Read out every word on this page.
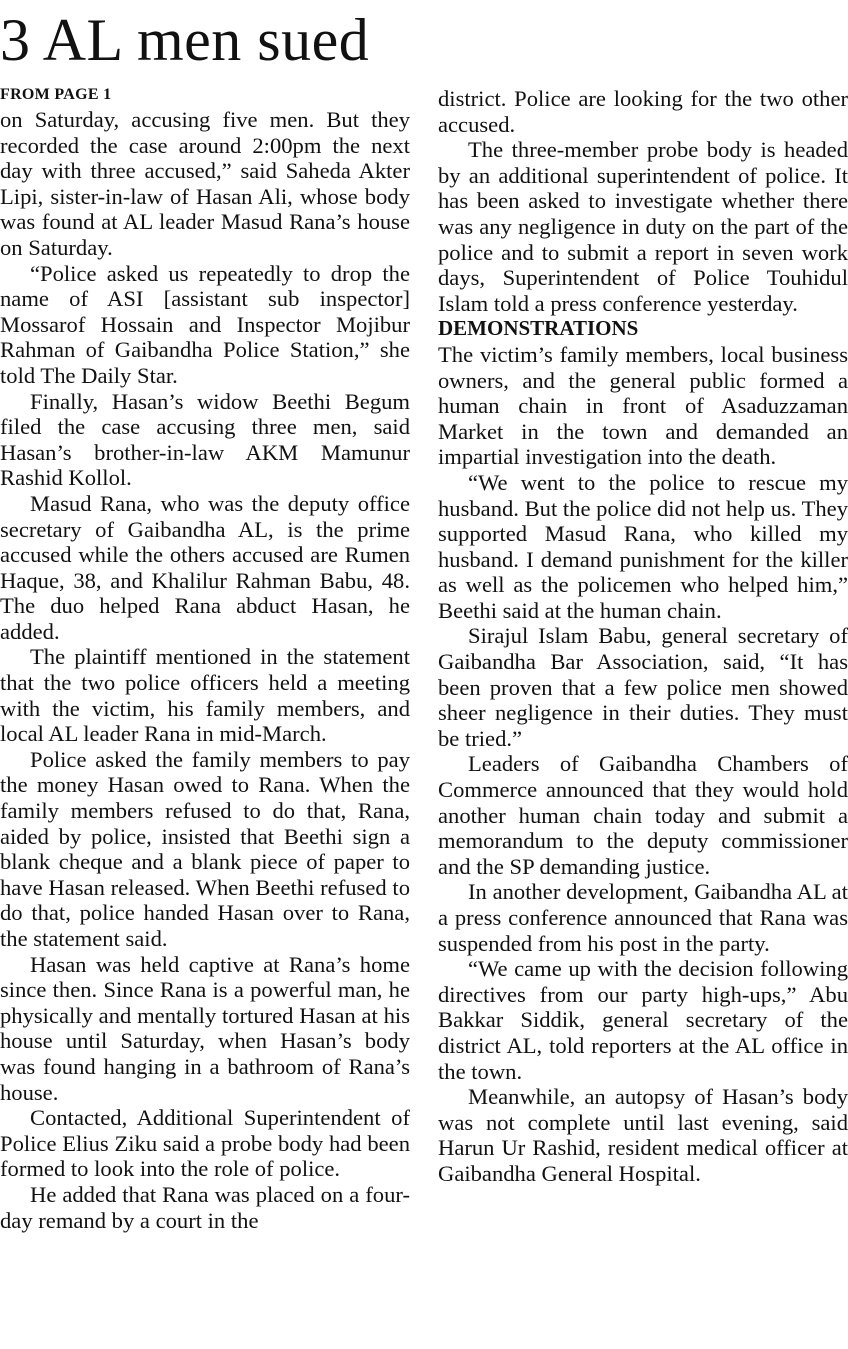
3 AL men sued
FROM PAGE 1

on Saturday, accusing five men. But they recorded the case around 2:00pm the next day with three accused,” said Saheda Akter Lipi, sister-in-law of Hasan Ali, whose body was found at AL leader Masud Rana’s house on Saturday.

“Police asked us repeatedly to drop the name of ASI [assistant sub inspector] Mossarof Hossain and Inspector Mojibur Rahman of Gaibandha Police Station,” she told The Daily Star.

Finally, Hasan’s widow Beethi Begum filed the case accusing three men, said Hasan’s brother-in-law AKM Mamunur Rashid Kollol.

Masud Rana, who was the deputy office secretary of Gaibandha AL, is the prime accused while the others accused are Rumen Haque, 38, and Khalilur Rahman Babu, 48. The duo helped Rana abduct Hasan, he added.

The plaintiff mentioned in the statement that the two police officers held a meeting with the victim, his family members, and local AL leader Rana in mid-March.

Police asked the family members to pay the money Hasan owed to Rana. When the family members refused to do that, Rana, aided by police, insisted that Beethi sign a blank cheque and a blank piece of paper to have Hasan released. When Beethi refused to do that, police handed Hasan over to Rana, the statement said.

Hasan was held captive at Rana’s home since then. Since Rana is a powerful man, he physically and mentally tortured Hasan at his house until Saturday, when Hasan’s body was found hanging in a bathroom of Rana’s house.

Contacted, Additional Superintendent of Police Elius Ziku said a probe body had been formed to look into the role of police.

He added that Rana was placed on a four-day remand by a court in the

district. Police are looking for the two other accused.

The three-member probe body is headed by an additional superintendent of police. It has been asked to investigate whether there was any negligence in duty on the part of the police and to submit a report in seven work days, Superintendent of Police Touhidul Islam told a press conference yesterday.

DEMONSTRATIONS

The victim’s family members, local business owners, and the general public formed a human chain in front of Asaduzzaman Market in the town and demanded an impartial investigation into the death.

“We went to the police to rescue my husband. But the police did not help us. They supported Masud Rana, who killed my husband. I demand punishment for the killer as well as the policemen who helped him,” Beethi said at the human chain.

Sirajul Islam Babu, general secretary of Gaibandha Bar Association, said, “It has been proven that a few police men showed sheer negligence in their duties. They must be tried.”

Leaders of Gaibandha Chambers of Commerce announced that they would hold another human chain today and submit a memorandum to the deputy commissioner and the SP demanding justice.

In another development, Gaibandha AL at a press conference announced that Rana was suspended from his post in the party.

“We came up with the decision following directives from our party high-ups,” Abu Bakkar Siddik, general secretary of the district AL, told reporters at the AL office in the town.

Meanwhile, an autopsy of Hasan’s body was not complete until last evening, said Harun Ur Rashid, resident medical officer at Gaibandha General Hospital.
